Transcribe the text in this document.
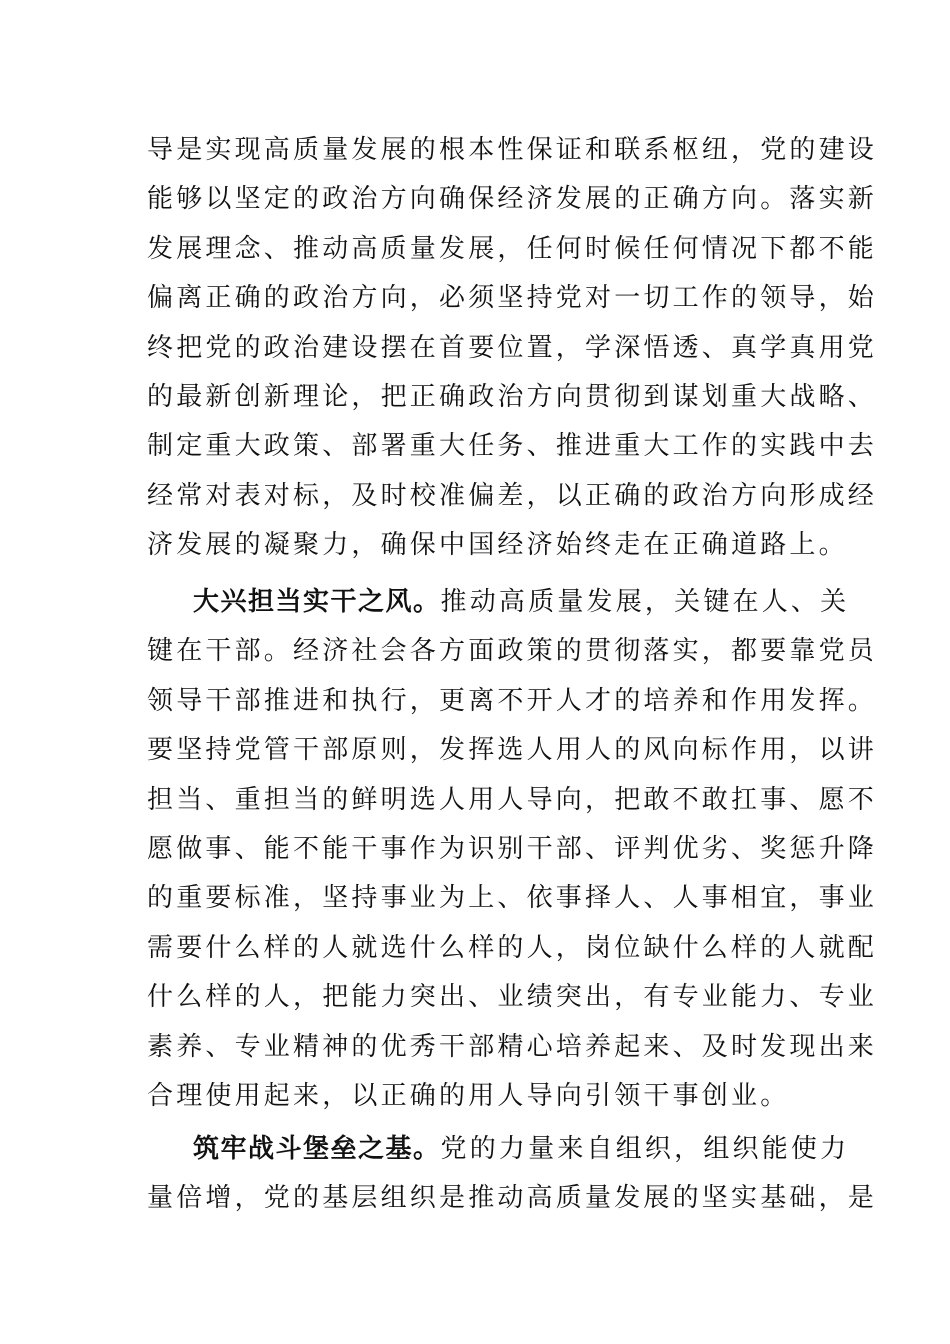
导是实现高质量发展的根本性保证和联系枢纽，党的建设
能够以坚定的政治方向确保经济发展的正确方向。落实新
发展理念、推动高质量发展，任何时候任何情况下都不能
偏离正确的政治方向，必须坚持党对一切工作的领导，始
终把党的政治建设摆在首要位置，学深悟透、真学真用党
的最新创新理论，把正确政治方向贯彻到谋划重大战略、
制定重大政策、部署重大任务、推进重大工作的实践中去
经常对表对标，及时校准偏差，以正确的政治方向形成经
济发展的凝聚力，确保中国经济始终走在正确道路上。
大兴担当实干之风。推动高质量发展，关键在人、关
键在干部。经济社会各方面政策的贯彻落实，都要靠党员
领导干部推进和执行，更离不开人才的培养和作用发挥。
要坚持党管干部原则，发挥选人用人的风向标作用，以讲
担当、重担当的鲜明选人用人导向，把敢不敢扛事、愿不
愿做事、能不能干事作为识别干部、评判优劣、奖惩升降
的重要标准，坚持事业为上、依事择人、人事相宜，事业
需要什么样的人就选什么样的人，岗位缺什么样的人就配
什么样的人，把能力突出、业绩突出，有专业能力、专业
素养、专业精神的优秀干部精心培养起来、及时发现出来
合理使用起来，以正确的用人导向引领干事创业。
筑牢战斗堡垒之基。党的力量来自组织，组织能使力
量倍增，党的基层组织是推动高质量发展的坚实基础，是
